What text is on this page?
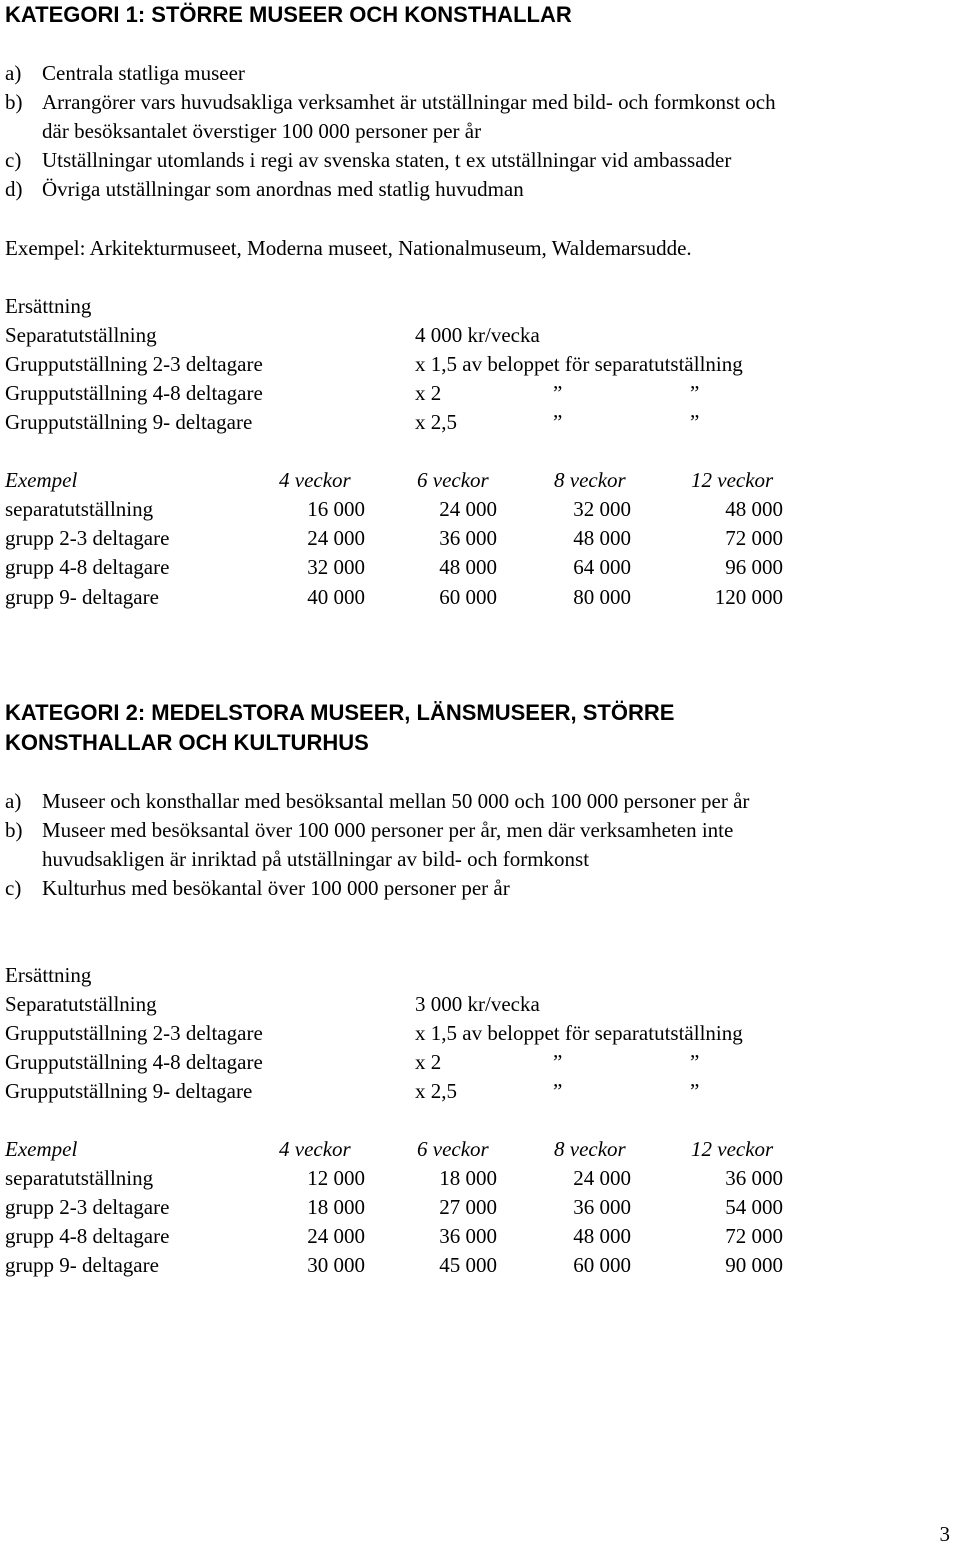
KATEGORI 1: STÖRRE MUSEER OCH KONSTHALLAR
a) Centrala statliga museer
b) Arrangörer vars huvudsakliga verksamhet är utställningar med bild- och formkonst och
där besöksantalet överstiger 100 000 personer per år
c) Utställningar utomlands i regi av svenska staten, t ex utställningar vid ambassader
d) Övriga utställningar som anordnas med statlig huvudman
Exempel: Arkitekturmuseet, Moderna museet, Nationalmuseum, Waldemarsudde.
Ersättning
Separatutställning	4 000 kr/vecka
Grupputställning 2-3 deltagare	x 1,5 av beloppet för separatutställning
Grupputställning 4-8 deltagare	x 2	”	”
Grupputställning 9- deltagare	x 2,5	”	”
Exempel	4 veckor	6 veckor	8 veckor	12 veckor
separatutställning	16 000	24 000	32 000	48 000
grupp 2-3 deltagare	24 000	36 000	48 000	72 000
grupp 4-8 deltagare	32 000	48 000	64 000	96 000
grupp 9- deltagare	40 000	60 000	80 000	120 000
KATEGORI 2: MEDELSTORA MUSEER, LÄNSMUSEER, STÖRRE
KONSTHALLAR OCH KULTURHUS
a) Museer och konsthallar med besöksantal mellan 50 000 och 100 000 personer per år
b) Museer med besöksantal över 100 000 personer per år, men där verksamheten inte
huvudsakligen är inriktad på utställningar av bild- och formkonst
c) Kulturhus med besökantal över 100 000 personer per år
Ersättning
Separatutställning	3 000 kr/vecka
Grupputställning 2-3 deltagare	x 1,5 av beloppet för separatutställning
Grupputställning 4-8 deltagare	x 2	”	”
Grupputställning 9- deltagare	x 2,5	”	”
Exempel	4 veckor	6 veckor	8 veckor	12 veckor
separatutställning	12 000	18 000	24 000	36 000
grupp 2-3 deltagare	18 000	27 000	36 000	54 000
grupp 4-8 deltagare	24 000	36 000	48 000	72 000
grupp 9- deltagare	30 000	45 000	60 000	90 000
3
